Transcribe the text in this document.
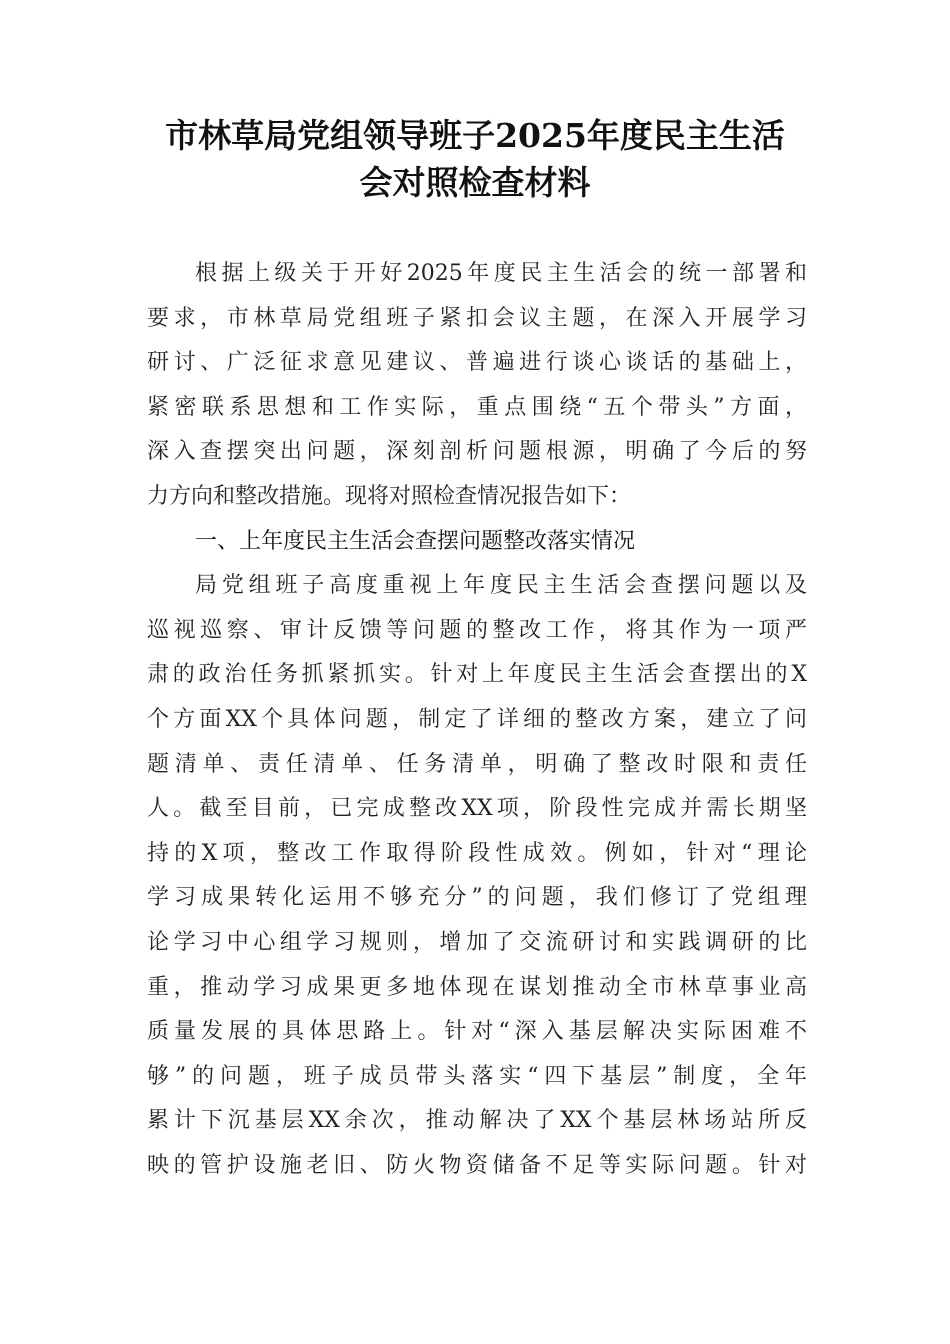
市林草局党组领导班子2025年度民主生活
会对照检查材料
根据上级关于开好2025年度民主生活会的统一部署和
要求，市林草局党组班子紧扣会议主题，在深入开展学习
研讨、广泛征求意见建议、普遍进行谈心谈话的基础上，
紧密联系思想和工作实际，重点围绕“五个带头”方面，
深入查摆突出问题，深刻剖析问题根源，明确了今后的努
力方向和整改措施。现将对照检查情况报告如下：
一、上年度民主生活会查摆问题整改落实情况
局党组班子高度重视上年度民主生活会查摆问题以及
巡视巡察、审计反馈等问题的整改工作，将其作为一项严
肃的政治任务抓紧抓实。针对上年度民主生活会查摆出的X
个方面XX个具体问题，制定了详细的整改方案，建立了问
题清单、责任清单、任务清单，明确了整改时限和责任
人。截至目前，已完成整改XX项，阶段性完成并需长期坚
持的X项，整改工作取得阶段性成效。例如，针对“理论
学习成果转化运用不够充分”的问题，我们修订了党组理
论学习中心组学习规则，增加了交流研讨和实践调研的比
重，推动学习成果更多地体现在谋划推动全市林草事业高
质量发展的具体思路上。针对“深入基层解决实际困难不
够”的问题，班子成员带头落实“四下基层”制度，全年
累计下沉基层XX余次，推动解决了XX个基层林场站所反
映的管护设施老旧、防火物资储备不足等实际问题。针对
